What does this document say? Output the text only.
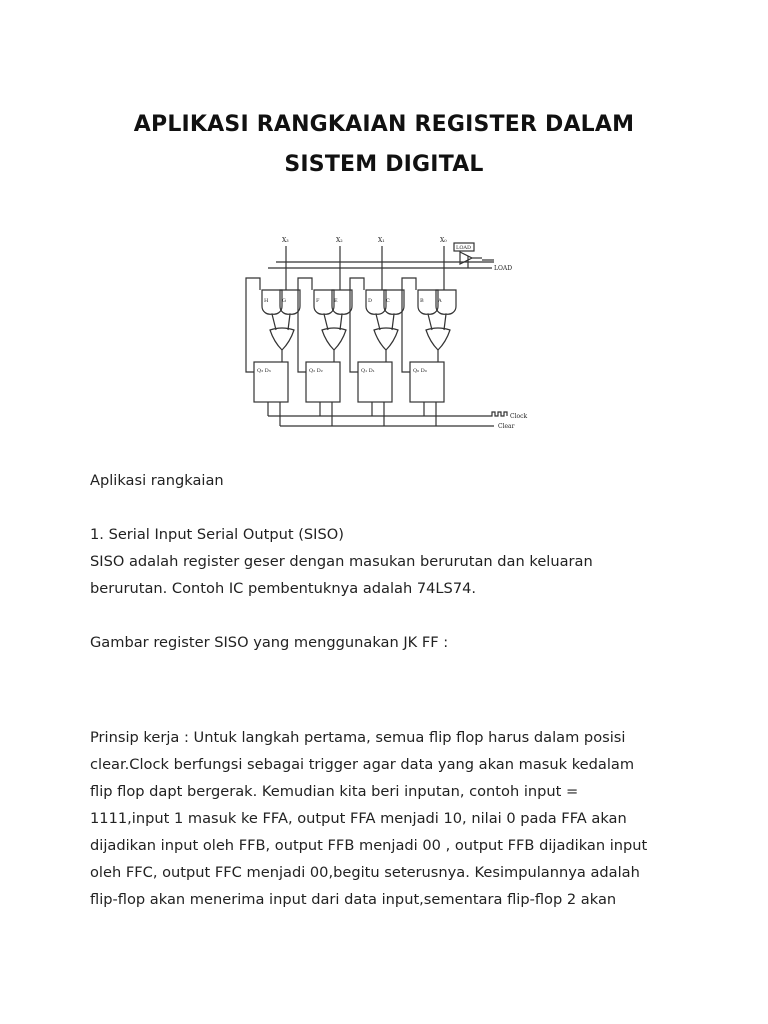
APLIKASI RANGKAIAN REGISTER DALAM
SISTEM DIGITAL
X₃	X₂	X₁	X₀
LOAD
LOAD
H	G	F	E	D	C	B	A
Q₃ D₃	Q₂ D₂	Q₁ D₁	Q₀ D₀
Clock
Clear
Aplikasi rangkaian
1. Serial Input Serial Output (SISO)
SISO adalah register geser dengan masukan berurutan dan keluaran
berurutan. Contoh IC pembentuknya adalah 74LS74.
Gambar register SISO yang menggunakan JK FF :
Prinsip kerja : Untuk langkah pertama, semua flip flop harus dalam posisi
clear.Clock berfungsi sebagai trigger agar data yang akan masuk kedalam
flip flop dapt bergerak. Kemudian kita beri inputan, contoh input =
1111,input 1 masuk ke FFA, output FFA menjadi 10, nilai 0 pada FFA akan
dijadikan input oleh FFB, output FFB menjadi 00 , output FFB dijadikan input
oleh FFC, output FFC menjadi 00,begitu seterusnya. Kesimpulannya adalah
flip-flop akan menerima input dari data input,sementara flip-flop 2 akan
